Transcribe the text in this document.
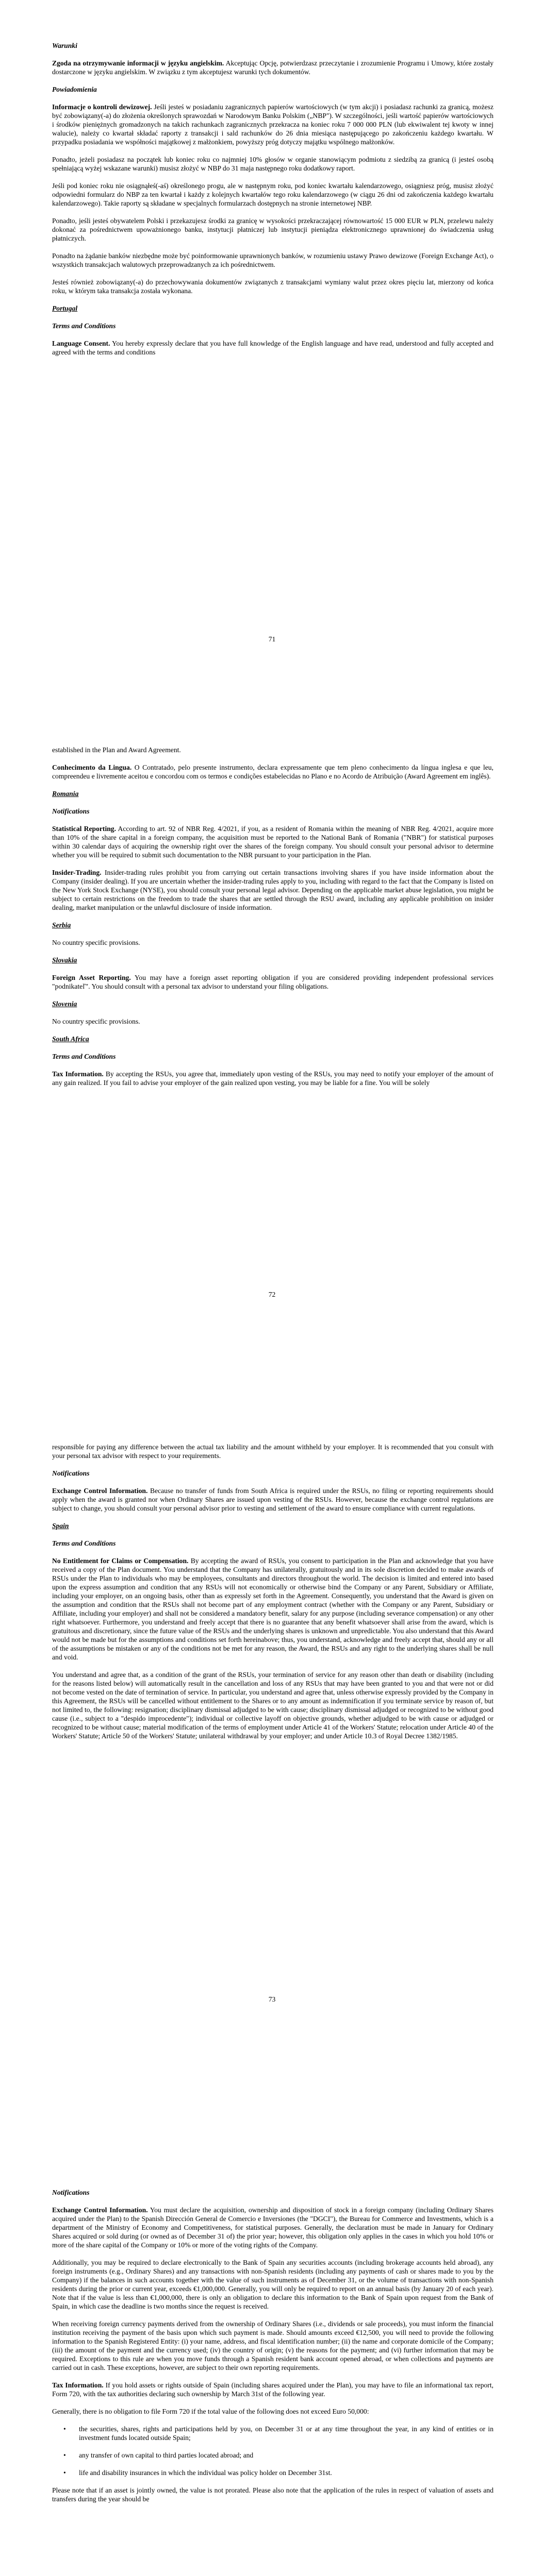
Warunki

Zgoda na otrzymywanie informacji w języku angielskim. Akceptując Opcję, potwierdzasz przeczytanie i zrozumienie Programu i Umowy, które zostały dostarczone w języku angielskim. W związku z tym akceptujesz warunki tych dokumentów.

Powiadomienia

Informacje o kontroli dewizowej. Jeśli jesteś w posiadaniu zagranicznych papierów wartościowych (w tym akcji) i posiadasz rachunki za granicą, możesz być zobowiązany(-a) do złożenia określonych sprawozdań w Narodowym Banku Polskim („NBP"). W szczególności, jeśli wartość papierów wartościowych i środków pieniężnych gromadzonych na takich rachunkach zagranicznych przekracza na koniec roku 7 000 000 PLN (lub ekwiwalent tej kwoty w innej walucie), należy co kwartał składać raporty z transakcji i sald rachunków do 26 dnia miesiąca następującego po zakończeniu każdego kwartału. W przypadku posiadania we współności majątkowej z małżonkiem, powyższy próg dotyczy majątku wspólnego małżonków.

Ponadto, jeżeli posiadasz na początek lub koniec roku co najmniej 10% głosów w organie stanowiącym podmiotu z siedzibą za granicą (i jesteś osobą spełniającą wyżej wskazane warunki) musisz złożyć w NBP do 31 maja następnego roku dodatkowy raport.

Jeśli pod koniec roku nie osiągnąłeś(-aś) określonego progu, ale w następnym roku, pod koniec kwartału kalendarzowego, osiągniesz próg, musisz złożyć odpowiedni formularz do NBP za ten kwartał i każdy z kolejnych kwartałów tego roku kalendarzowego (w ciągu 26 dni od zakończenia każdego kwartału kalendarzowego). Takie raporty są składane w specjalnych formularzach dostępnych na stronie internetowej NBP.

Ponadto, jeśli jesteś obywatelem Polski i przekazujesz środki za granicę w wysokości przekraczającej równowartość 15 000 EUR w PLN, przelewu należy dokonać za pośrednictwem upoważnionego banku, instytucji płatniczej lub instytucji pieniądza elektronicznego uprawnionej do świadczenia usług płatniczych.

Ponadto na żądanie banków niezbędne może być poinformowanie uprawnionych banków, w rozumieniu ustawy Prawo dewizowe (Foreign Exchange Act), o wszystkich transakcjach walutowych przeprowadzanych za ich pośrednictwem.

Jesteś również zobowiązany(-a) do przechowywania dokumentów związanych z transakcjami wymiany walut przez okres pięciu lat, mierzony od końca roku, w którym taka transakcja została wykonana.

Portugal
Terms and Conditions

Language Consent. You hereby expressly declare that you have full knowledge of the English language and have read, understood and fully accepted and agreed with the terms and conditions

71

established in the Plan and Award Agreement.

Conhecimento da Lingua. O Contratado, pelo presente instrumento, declara expressamente que tem pleno conhecimento da língua inglesa e que leu, compreendeu e livremente aceitou e concordou com os termos e condições estabelecidas no Plano e no Acordo de Atribuição (Award Agreement em inglês).

Romania
Notifications

Statistical Reporting. According to art. 92 of NBR Reg. 4/2021, if you, as a resident of Romania within the meaning of NBR Reg. 4/2021, acquire more than 10% of the share capital in a foreign company, the acquisition must be reported to the National Bank of Romania ("NBR") for statistical purposes within 30 calendar days of acquiring the ownership right over the shares of the foreign company. You should consult your personal advisor to determine whether you will be required to submit such documentation to the NBR pursuant to your participation in the Plan.

Insider-Trading. Insider-trading rules prohibit you from carrying out certain transactions involving shares if you have inside information about the Company (insider dealing). If you are uncertain whether the insider-trading rules apply to you, including with regard to the fact that the Company is listed on the New York Stock Exchange (NYSE), you should consult your personal legal advisor. Depending on the applicable market abuse legislation, you might be subject to certain restrictions on the freedom to trade the shares that are settled through the RSU award, including any applicable prohibition on insider dealing, market manipulation or the unlawful disclosure of inside information.

Serbia

No country specific provisions.

Slovakia

Foreign Asset Reporting. You may have a foreign asset reporting obligation if you are considered providing independent professional services "podnikateľ". You should consult with a personal tax advisor to understand your filing obligations.

Slovenia

No country specific provisions.

South Africa
Terms and Conditions

Tax Information. By accepting the RSUs, you agree that, immediately upon vesting of the RSUs, you may need to notify your employer of the amount of any gain realized. If you fail to advise your employer of the gain realized upon vesting, you may be liable for a fine. You will be solely

72

responsible for paying any difference between the actual tax liability and the amount withheld by your employer. It is recommended that you consult with your personal tax advisor with respect to your requirements.

Notifications

Exchange Control Information. Because no transfer of funds from South Africa is required under the RSUs, no filing or reporting requirements should apply when the award is granted nor when Ordinary Shares are issued upon vesting of the RSUs. However, because the exchange control regulations are subject to change, you should consult your personal advisor prior to vesting and settlement of the award to ensure compliance with current regulations.

Spain
Terms and Conditions

No Entitlement for Claims or Compensation. By accepting the award of RSUs, you consent to participation in the Plan and acknowledge that you have received a copy of the Plan document. You understand that the Company has unilaterally, gratuitously and in its sole discretion decided to make awards of RSUs under the Plan to individuals who may be employees, consultants and directors throughout the world. The decision is limited and entered into based upon the express assumption and condition that any RSUs will not economically or otherwise bind the Company or any Parent, Subsidiary or Affiliate, including your employer, on an ongoing basis, other than as expressly set forth in the Agreement. Consequently, you understand that the Award is given on the assumption and condition that the RSUs shall not become part of any employment contract (whether with the Company or any Parent, Subsidiary or Affiliate, including your employer) and shall not be considered a mandatory benefit, salary for any purpose (including severance compensation) or any other right whatsoever. Furthermore, you understand and freely accept that there is no guarantee that any benefit whatsoever shall arise from the award, which is gratuitous and discretionary, since the future value of the RSUs and the underlying shares is unknown and unpredictable. You also understand that this Award would not be made but for the assumptions and conditions set forth hereinabove; thus, you understand, acknowledge and freely accept that, should any or all of the assumptions be mistaken or any of the conditions not be met for any reason, the Award, the RSUs and any right to the underlying shares shall be null and void.

You understand and agree that, as a condition of the grant of the RSUs, your termination of service for any reason other than death or disability (including for the reasons listed below) will automatically result in the cancellation and loss of any RSUs that may have been granted to you and that were not or did not become vested on the date of termination of service. In particular, you understand and agree that, unless otherwise expressly provided by the Company in this Agreement, the RSUs will be cancelled without entitlement to the Shares or to any amount as indemnification if you terminate service by reason of, but not limited to, the following: resignation; disciplinary dismissal adjudged to be with cause; disciplinary dismissal adjudged or recognized to be without good cause (i.e., subject to a "despido improcedente"); individual or collective layoff on objective grounds, whether adjudged to be with cause or adjudged or recognized to be without cause; material modification of the terms of employment under Article 41 of the Workers' Statute; relocation under Article 40 of the Workers' Statute; Article 50 of the Workers' Statute; unilateral withdrawal by your employer; and under Article 10.3 of Royal Decree 1382/1985.

73
Notifications

Exchange Control Information. You must declare the acquisition, ownership and disposition of stock in a foreign company (including Ordinary Shares acquired under the Plan) to the Spanish Dirección General de Comercio e Inversiones (the "DGCI"), the Bureau for Commerce and Investments, which is a department of the Ministry of Economy and Competitiveness, for statistical purposes. Generally, the declaration must be made in January for Ordinary Shares acquired or sold during (or owned as of December 31 of) the prior year; however, this obligation only applies in the cases in which you hold 10% or more of the share capital of the Company or 10% or more of the voting rights of the Company.

Additionally, you may be required to declare electronically to the Bank of Spain any securities accounts (including brokerage accounts held abroad), any foreign instruments (e.g., Ordinary Shares) and any transactions with non-Spanish residents (including any payments of cash or shares made to you by the Company) if the balances in such accounts together with the value of such instruments as of December 31, or the volume of transactions with non-Spanish residents during the prior or current year, exceeds €1,000,000. Generally, you will only be required to report on an annual basis (by January 20 of each year). Note that if the value is less than €1,000,000, there is only an obligation to declare this information to the Bank of Spain upon request from the Bank of Spain, in which case the deadline is two months since the request is received.

When receiving foreign currency payments derived from the ownership of Ordinary Shares (i.e., dividends or sale proceeds), you must inform the financial institution receiving the payment of the basis upon which such payment is made. Should amounts exceed €12,500, you will need to provide the following information to the Spanish Registered Entity: (i) your name, address, and fiscal identification number; (ii) the name and corporate domicile of the Company; (iii) the amount of the payment and the currency used; (iv) the country of origin; (v) the reasons for the payment; and (vi) further information that may be required. Exceptions to this rule are when you move funds through a Spanish resident bank account opened abroad, or when collections and payments are carried out in cash. These exceptions, however, are subject to their own reporting requirements.

Tax Information. If you hold assets or rights outside of Spain (including shares acquired under the Plan), you may have to file an informational tax report, Form 720, with the tax authorities declaring such ownership by March 31st of the following year.

Generally, there is no obligation to file Form 720 if the total value of the following does not exceed Euro 50,000:

• the securities, shares, rights and participations held by you, on December 31 or at any time throughout the year, in any kind of entities or in investment funds located outside Spain;
• any transfer of own capital to third parties located abroad; and
• life and disability insurances in which the individual was policy holder on December 31st.

Please note that if an asset is jointly owned, the value is not prorated. Please also note that the application of the rules in respect of valuation of assets and transfers during the year should be
